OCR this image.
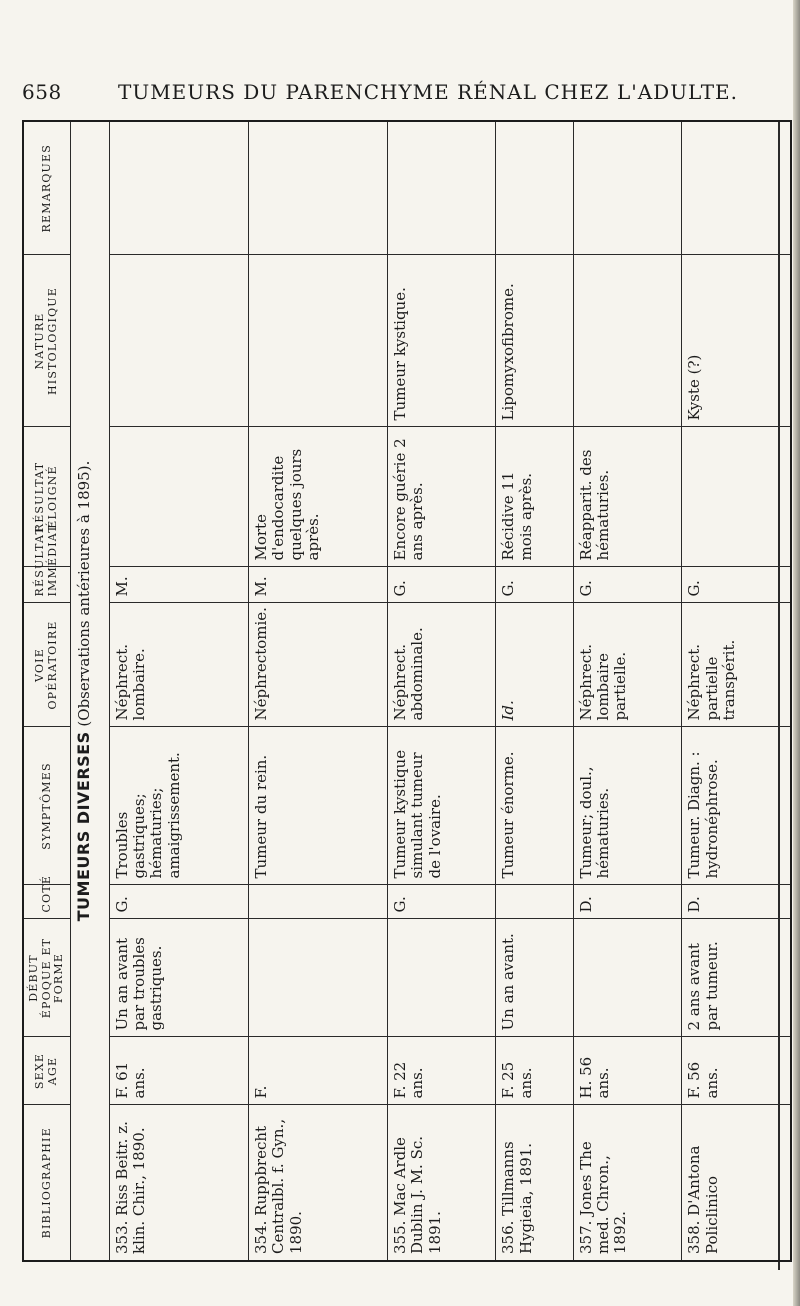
658	TUMEURS DU PARENCHYME RÉNAL CHEZ L'ADULTE.
BIBLIOGRAPHIE	SEXE AGE	DÉBUT ÉPOQUE ET FORME	COTÉ	SYMPTÔMES	VOIE OPÉRATOIRE	RÉSULTAT IMMÉDIAT	RÉSULTAT ÉLOIGNÉ	NATURE HISTOLOGIQUE	REMARQUES
TUMEURS DIVERSES (Observations antérieures à 1895).									
353. Riss Beitr. z. klin. Chir., 1890.	F. 61 ans.	Un an avant par troubles gastriques.	G.	Troubles gastriques; hématuries; amaigrissement.	Néphrect. lombaire.	M.			
354. Ruppbrecht Centralbl. f. Gyn., 1890.	F.			Tumeur du rein.	Néphrectomie.	M.	Morte d'endocardite quelques jours après.		
355. Mac Ardle Dublin J. M. Sc. 1891.	F. 22 ans.		G.	Tumeur kystique simulant tumeur de l'ovaire.	Néphrect. abdominale.	G.	Encore guérie 2 ans après.	Tumeur kystique.	
356. Tillmanns Hygieia, 1891.	F. 25 ans.	Un an avant.		Tumeur énorme.	Id.	G.	Récidive 11 mois après.	Lipomyxofibrome.	
357. Jones The med. Chron., 1892.	H. 56 ans.		D.	Tumeur; doul., hématuries.	Néphrect. lombaire partielle.	G.	Réapparit. des hématuries.		
358. D'Antona Policlinico	F. 56 ans.	2 ans avant par tumeur.	D.	Tumeur. Diagn. : hydronéphrose.	Néphrect. partielle transpérit.	G.		Kyste (?)	
